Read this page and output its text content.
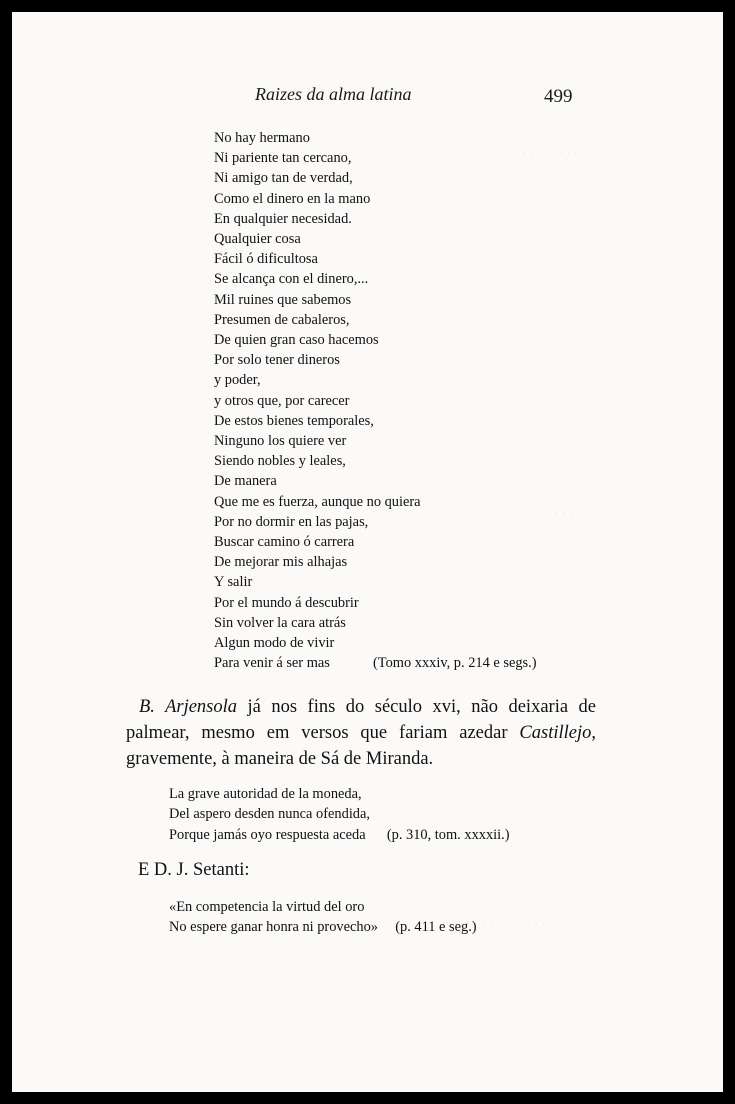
. . . . . . . .
. . . . . . .
. . . . . . . . .
Raizes da alma latina	499
No hay hermano
Ni pariente tan cercano,
Ni amigo tan de verdad,
Como el dinero en la mano
En qualquier necesidad.
Qualquier cosa
Fácil ó dificultosa
Se alcança con el dinero,...
Mil ruines que sabemos
Presumen de cabaleros,
De quien gran caso hacemos
Por solo tener dineros
y poder,
y otros que, por carecer
De estos bienes temporales,
Ninguno los quiere ver
Siendo nobles y leales,
De manera
Que me es fuerza, aunque no quiera
Por no dormir en las pajas,
Buscar camino ó carrera
De mejorar mis alhajas
Y salir
Por el mundo á descubrir
Sin volver la cara atrás
Algun modo de vivir
Para venir á ser mas	(Tomo xxxiv, p. 214 e segs.)

B. Arjensola já nos fins do século xvi, não deixaria de palmear, mesmo em versos que fariam azedar Castillejo, gravemente, à maneira de Sá de Miranda.

La grave autoridad de la moneda,
Del aspero desden nunca ofendida,
Porque jamás oyo respuesta aceda (p. 310, tom. xxxxii.)
E D. J. Setanti:
«En competencia la virtud del oro
No espere ganar honra ni provecho» (p. 411 e seg.)
